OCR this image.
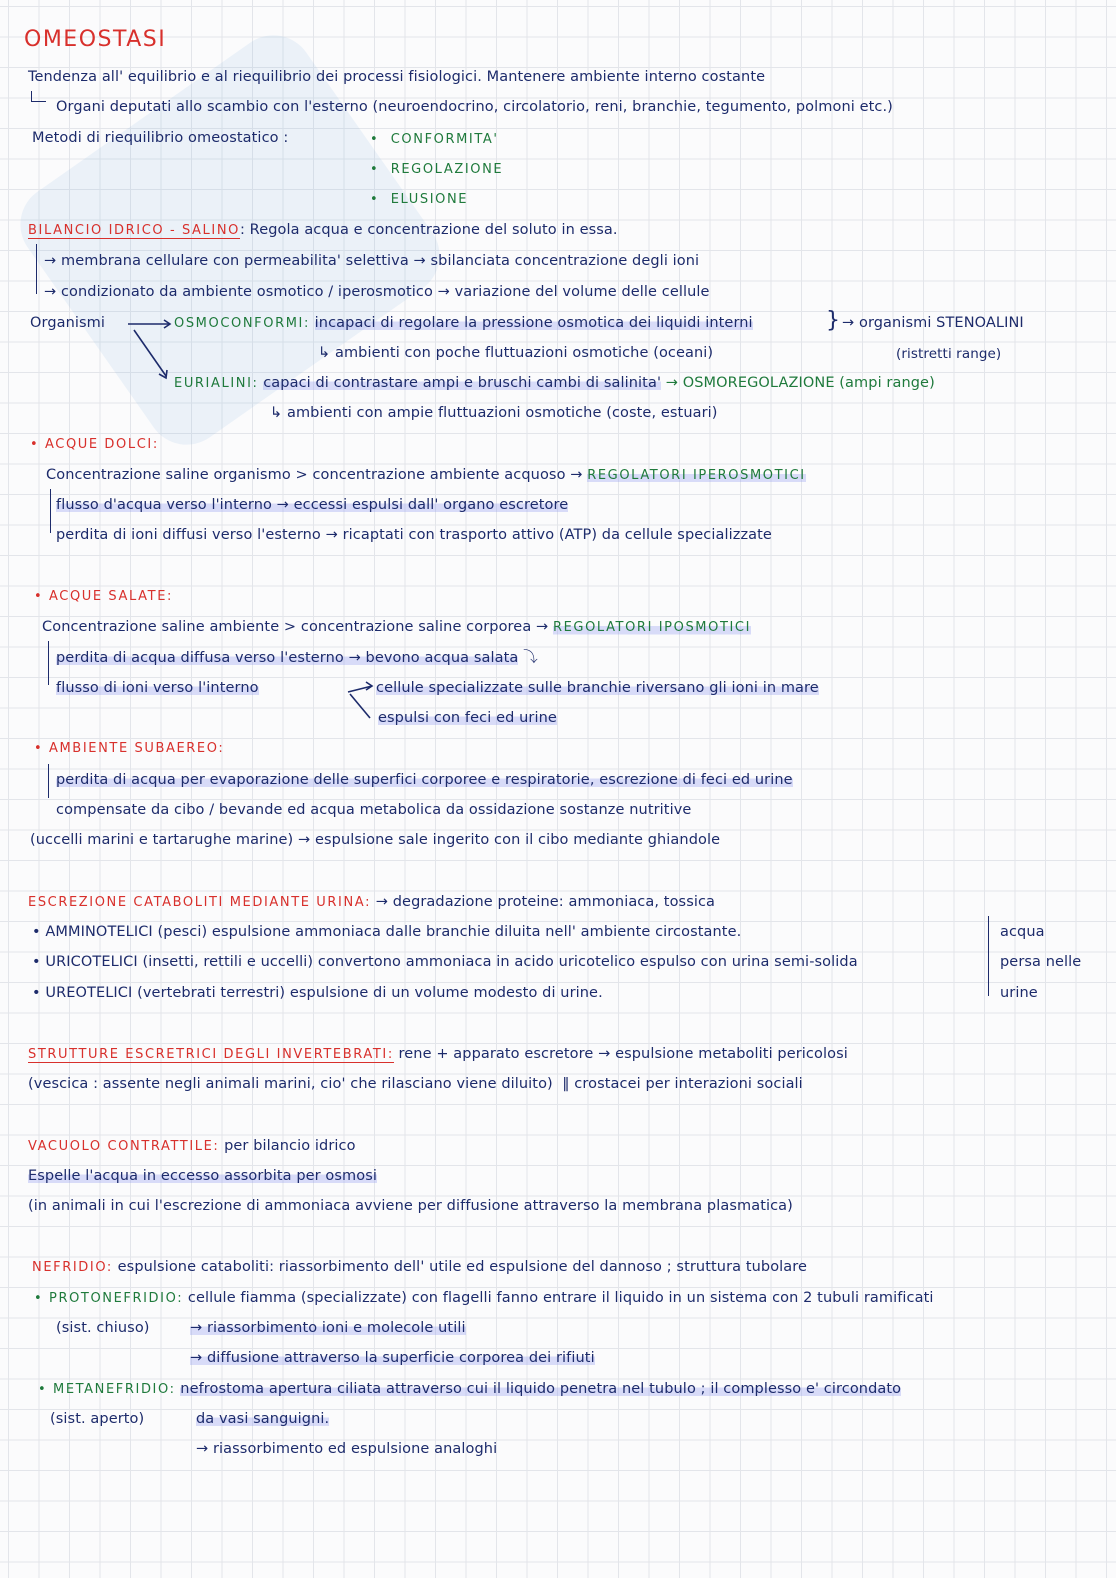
OMEOSTASI
Tendenza all' equilibrio e al riequilibrio dei processi fisiologici. Mantenere ambiente interno costante
Organi deputati allo scambio con l'esterno (neuroendocrino, circolatorio, reni, branchie, tegumento, polmoni etc.)
Metodi di riequilibrio omeostatico :	•  CONFORMITA'
•  REGOLAZIONE
•  ELUSIONE
BILANCIO IDRICO - SALINO: Regola acqua e concentrazione del soluto in essa.
→ membrana cellulare con permeabilita' selettiva → sbilanciata concentrazione degli ioni
→ condizionato da ambiente osmotico / iperosmotico → variazione del volume delle cellule
Organismi	OSMOCONFORMI: incapaci di regolare la pressione osmotica dei liquidi interni	} → organismi STENOALINI
(ristretti range)
↳ ambienti con poche fluttuazioni osmotiche (oceani)
EURIALINI: capaci di contrastare ampi e bruschi cambi di salinita' → OSMOREGOLAZIONE (ampi range)
↳ ambienti con ampie fluttuazioni osmotiche (coste, estuari)
• ACQUE DOLCI:
Concentrazione saline organismo > concentrazione ambiente acquoso → REGOLATORI IPEROSMOTICI
flusso d'acqua verso l'interno → eccessi espulsi dall' organo escretore
perdita di ioni diffusi verso l'esterno → ricaptati con trasporto attivo (ATP) da cellule specializzate
• ACQUE SALATE:
Concentrazione saline ambiente > concentrazione saline corporea → REGOLATORI IPOSMOTICI
perdita di acqua diffusa verso l'esterno → bevono acqua salata ⤵
flusso di ioni verso l'interno	cellule specializzate sulle branchie riversano gli ioni in mare
espulsi con feci ed urine
• AMBIENTE SUBAEREO:
perdita di acqua per evaporazione delle superfici corporee e respiratorie, escrezione di feci ed urine
compensate da cibo / bevande ed acqua metabolica da ossidazione sostanze nutritive
(uccelli marini e tartarughe marine) → espulsione sale ingerito con il cibo mediante ghiandole
ESCREZIONE CATABOLITI MEDIANTE URINA: → degradazione proteine: ammoniaca, tossica
• AMMINOTELICI (pesci) espulsione ammoniaca dalle branchie diluita nell' ambiente circostante.
• URICOTELICI (insetti, rettili e uccelli) convertono ammoniaca in acido uricotelico espulso con urina semi-solida
• UREOTELICI (vertebrati terrestri) espulsione di un volume modesto di urine.
acqua
persa nelle
urine
STRUTTURE ESCRETRICI DEGLI INVERTEBRATI: rene + apparato escretore → espulsione metaboliti pericolosi
(vescica : assente negli animali marini, cio' che rilasciano viene diluito)  ‖ crostacei per interazioni sociali
VACUOLO CONTRATTILE: per bilancio idrico
Espelle l'acqua in eccesso assorbita per osmosi
(in animali in cui l'escrezione di ammoniaca avviene per diffusione attraverso la membrana plasmatica)
NEFRIDIO: espulsione cataboliti: riassorbimento dell' utile ed espulsione del dannoso ; struttura tubolare
• PROTONEFRIDIO: cellule fiamma (specializzate) con flagelli fanno entrare il liquido in un sistema con 2 tubuli ramificati
(sist. chiuso)	→ riassorbimento ioni e molecole utili
→ diffusione attraverso la superficie corporea dei rifiuti
• METANEFRIDIO: nefrostoma apertura ciliata attraverso cui il liquido penetra nel tubulo ; il complesso e' circondato
(sist. aperto)	da vasi sanguigni.
→ riassorbimento ed espulsione analoghi
